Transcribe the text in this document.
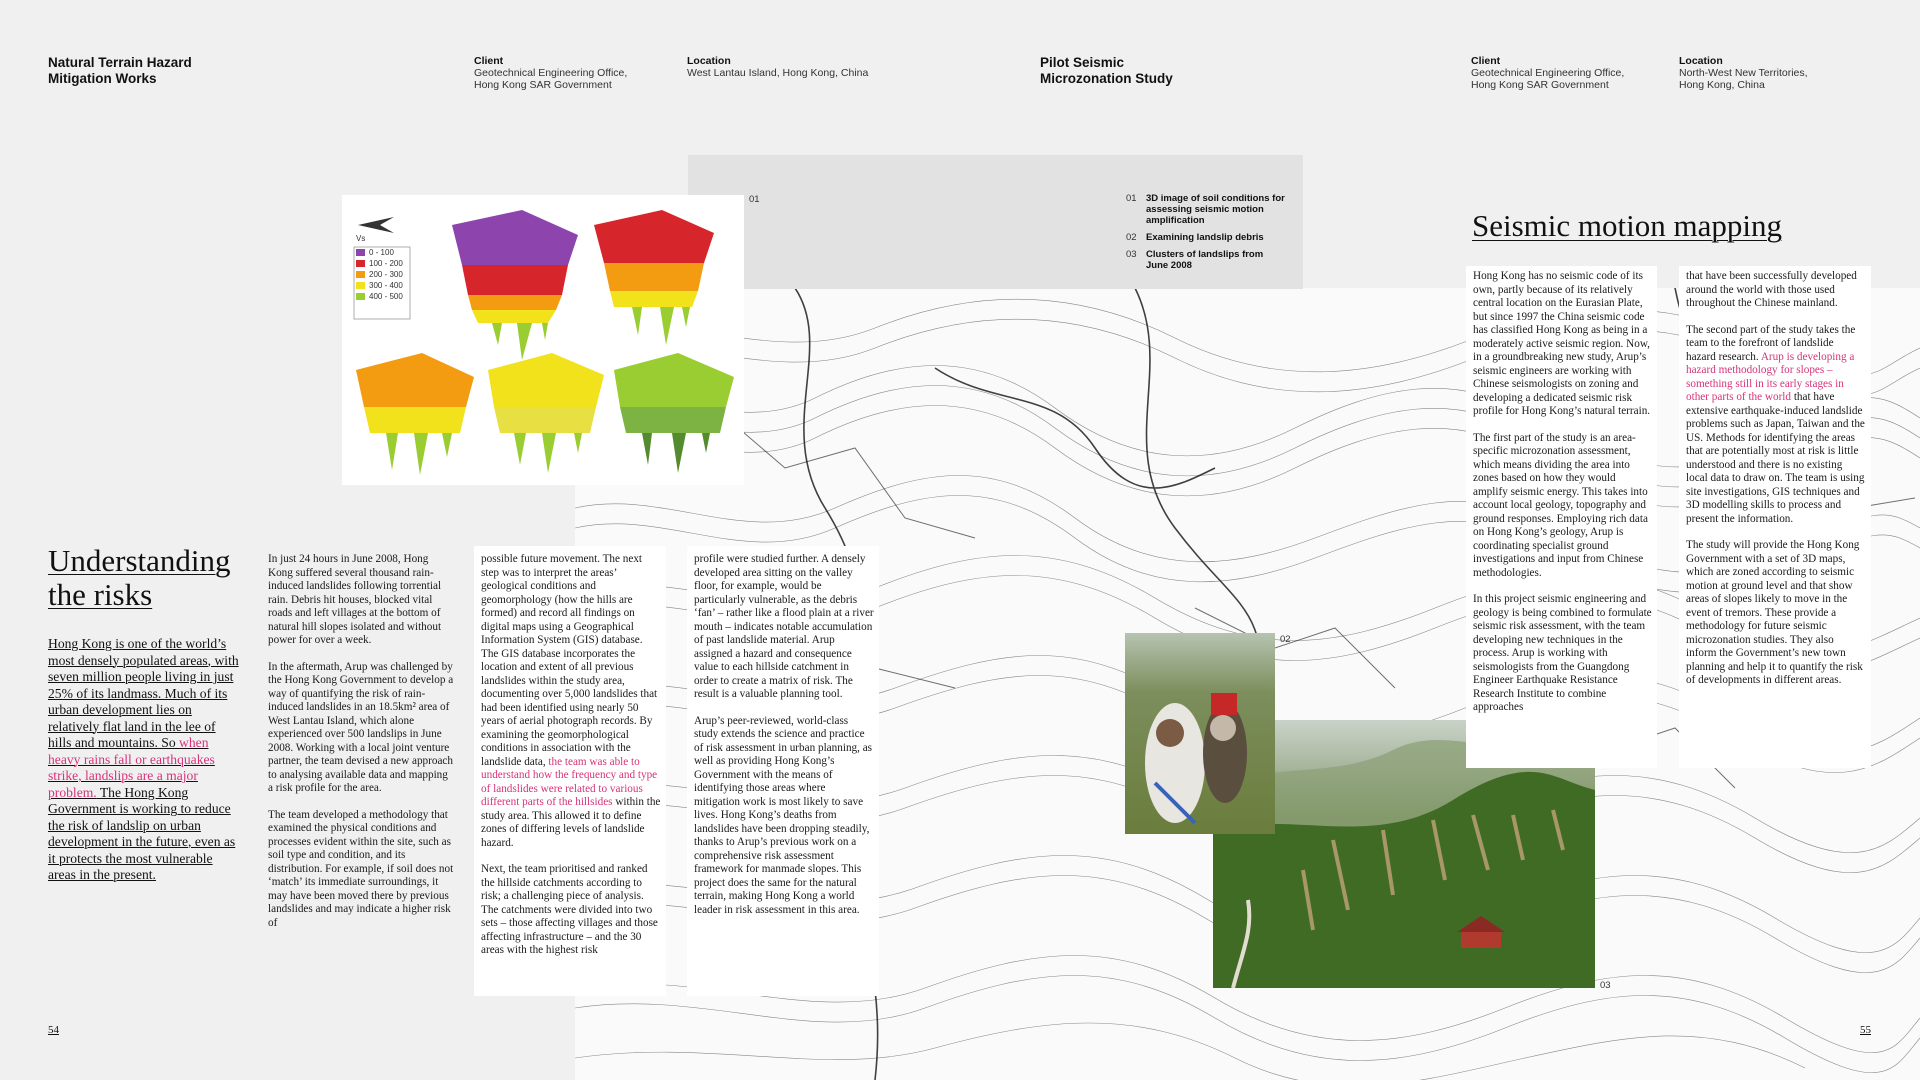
Natural Terrain Hazard
Mitigation Works
Client
Geotechnical Engineering Office,
Hong Kong SAR Government
Location
West Lantau Island, Hong Kong, China
Pilot Seismic
Microzonation Study
Client
Geotechnical Engineering Office,
Hong Kong SAR Government
Location
North-West New Territories,
Hong Kong, China
01 3D image of soil conditions for assessing seismic motion amplification
02 Examining landslip debris
03 Clusters of landslips from June 2008
Vs
0 - 100
100 - 200
200 - 300
300 - 400
400 - 500
01
Understanding
the risks
Hong Kong is one of the world’s most densely populated areas, with seven million people living in just 25% of its landmass. Much of its urban development lies on relatively flat land in the lee of hills and mountains. So when heavy rains fall or earthquakes strike, landslips are a major problem. The Hong Kong Government is working to reduce the risk of landslip on urban development in the future, even as it protects the most vulnerable areas in the present.

In just 24 hours in June 2008, Hong Kong suffered several thousand rain-induced landslides following torrential rain. Debris hit houses, blocked vital roads and left villages at the bottom of natural hill slopes isolated and without power for over a week.

In the aftermath, Arup was challenged by the Hong Kong Government to develop a way of quantifying the risk of rain-induced landslides in an 18.5km² area of West Lantau Island, which alone experienced over 500 landslips in June 2008. Working with a local joint venture partner, the team devised a new approach to analysing available data and mapping a risk profile for the area.

The team developed a methodology that examined the physical conditions and processes evident within the site, such as soil type and condition, and its distribution. For example, if soil does not ‘match’ its immediate surroundings, it may have been moved there by previous landslides and may indicate a higher risk of

possible future movement. The next step was to interpret the areas’ geological conditions and geomorphology (how the hills are formed) and record all findings on digital maps using a Geographical Information System (GIS) database. The GIS database incorporates the location and extent of all previous landslides within the study area, documenting over 5,000 landslides that had been identified using nearly 50 years of aerial photograph records. By examining the geomorphological conditions in association with the landslide data, the team was able to understand how the frequency and type of landslides were related to various different parts of the hillsides within the study area. This allowed it to define zones of differing levels of landslide hazard.

Next, the team prioritised and ranked the hillside catchments according to risk; a challenging piece of analysis. The catchments were divided into two sets – those affecting villages and those affecting infrastructure – and the 30 areas with the highest risk

profile were studied further. A densely developed area sitting on the valley floor, for example, would be particularly vulnerable, as the debris ‘fan’ – rather like a flood plain at a river mouth – indicates notable accumulation of past landslide material. Arup assigned a hazard and consequence value to each hillside catchment in order to create a matrix of risk. The result is a valuable planning tool.

Arup’s peer-reviewed, world-class study extends the science and practice of risk assessment in urban planning, as well as providing Hong Kong’s Government with the means of identifying those areas where mitigation work is most likely to save lives. Hong Kong’s deaths from landslides have been dropping steadily, thanks to Arup’s previous work on a comprehensive risk assessment framework for manmade slopes. This project does the same for the natural terrain, making Hong Kong a world leader in risk assessment in this area.

02
03
Seismic motion mapping

Hong Kong has no seismic code of its own, partly because of its relatively central location on the Eurasian Plate, but since 1997 the China seismic code has classified Hong Kong as being in a moderately active seismic region. Now, in a groundbreaking new study, Arup’s seismic engineers are working with Chinese seismologists on zoning and developing a dedicated seismic risk profile for Hong Kong’s natural terrain.

The first part of the study is an area-specific microzonation assessment, which means dividing the area into zones based on how they would amplify seismic energy. This takes into account local geology, topography and ground responses. Employing rich data on Hong Kong’s geology, Arup is coordinating specialist ground investigations and input from Chinese methodologies.

In this project seismic engineering and geology is being combined to formulate seismic risk assessment, with the team developing new techniques in the process. Arup is working with seismologists from the Guangdong Engineer Earthquake Resistance Research Institute to combine approaches

that have been successfully developed around the world with those used throughout the Chinese mainland.

The second part of the study takes the team to the forefront of landslide hazard research. Arup is developing a hazard methodology for slopes – something still in its early stages in other parts of the world that have extensive earthquake-induced landslide problems such as Japan, Taiwan and the US. Methods for identifying the areas that are potentially most at risk is little understood and there is no existing local data to draw on. The team is using site investigations, GIS techniques and 3D modelling skills to process and present the information.

The study will provide the Hong Kong Government with a set of 3D maps, which are zoned according to seismic motion at ground level and that show areas of slopes likely to move in the event of tremors. These provide a methodology for future seismic microzonation studies. They also inform the Government’s new town planning and help it to quantify the risk of developments in different areas.

54	55
